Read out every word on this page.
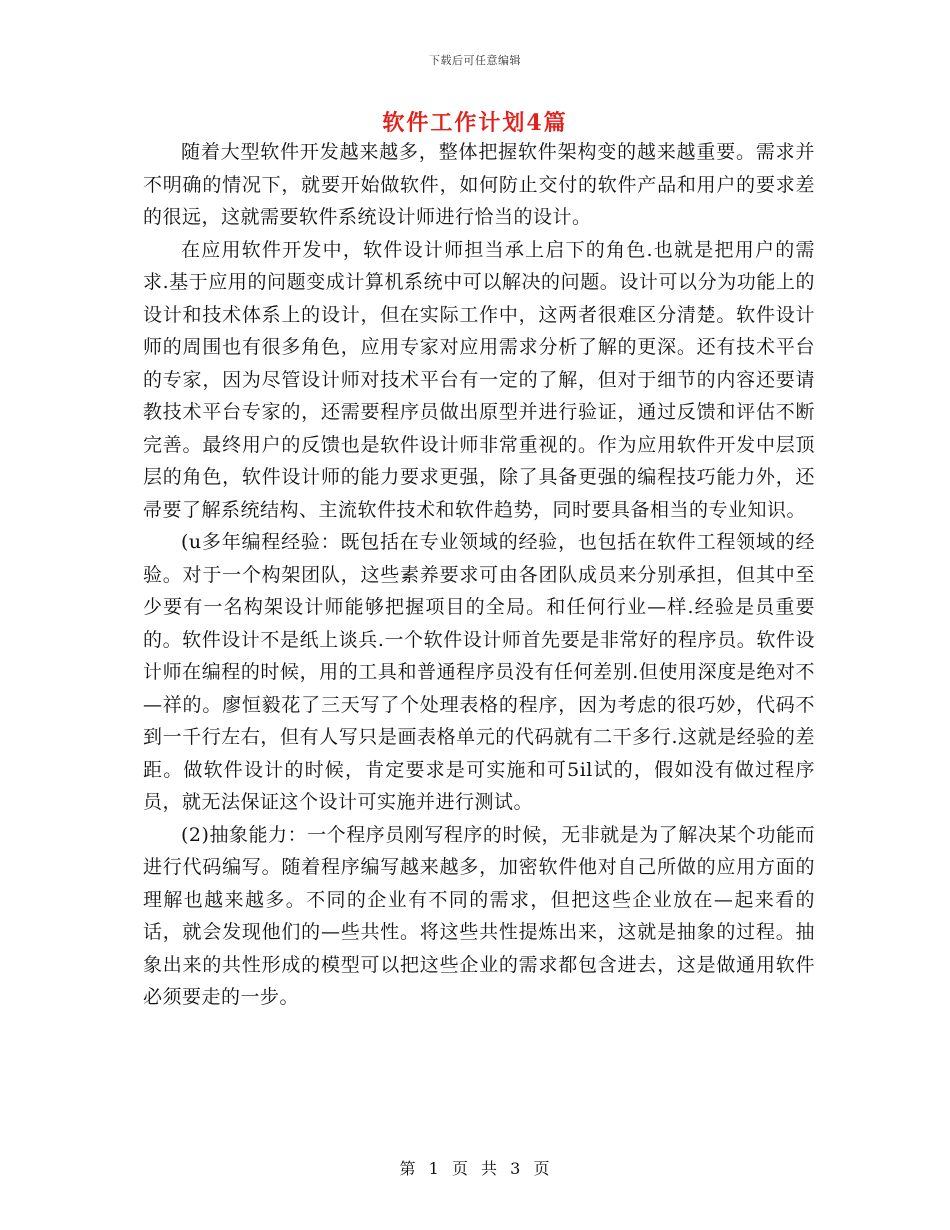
下载后可任意编辑
软件工作计划4篇

随着大型软件开发越来越多，整体把握软件架构变的越来越重要。需求并不明确的情况下，就要开始做软件，如何防止交付的软件产品和用户的要求差的很远，这就需要软件系统设计师进行恰当的设计。

在应用软件开发中，软件设计师担当承上启下的角色.也就是把用户的需求.基于应用的问题变成计算机系统中可以解决的问题。设计可以分为功能上的设计和技术体系上的设计，但在实际工作中，这两者很难区分清楚。软件设计师的周围也有很多角色，应用专家对应用需求分析了解的更深。还有技术平台的专家，因为尽管设计师对技术平台有一定的了解，但对于细节的内容还要请教技术平台专家的，还需要程序员做出原型并进行验证，通过反馈和评估不断完善。最终用户的反馈也是软件设计师非常重视的。作为应用软件开发中层顶层的角色，软件设计师的能力要求更强，除了具备更强的编程技巧能力外，还帚要了解系统结构、主流软件技术和软件趋势，同时要具备相当的专业知识。

(u多年编程经验：既包括在专业领域的经验，也包括在软件工程领域的经验。对于一个构架团队，这些素养要求可由各团队成员来分别承担，但其中至少要有一名构架设计师能够把握项目的全局。和任何行业—样.经验是员重要的。软件设计不是纸上谈兵.一个软件设计师首先要是非常好的程序员。软件设计师在编程的时候，用的工具和普通程序员没有任何差别.但使用深度是绝对不—祥的。廖恒毅花了三天写了个处理表格的程序，因为考虑的很巧妙，代码不到一千行左右，但有人写只是画表格单元的代码就有二干多行.这就是经验的差距。做软件设计的时候，肯定要求是可实施和可5il试的，假如没有做过程序员，就无法保证这个设计可实施并进行测试。

(2)抽象能力：一个程序员刚写程序的时候，无非就是为了解决某个功能而进行代码编写。随着程序编写越来越多，加密软件他对自己所做的应用方面的理解也越来越多。不同的企业有不同的需求，但把这些企业放在—起来看的话，就会发现他们的—些共性。将这些共性提炼出来，这就是抽象的过程。抽象出来的共性形成的模型可以把这些企业的需求都包含进去，这是做通用软件必须要走的一步。

第 1 页 共 3 页
